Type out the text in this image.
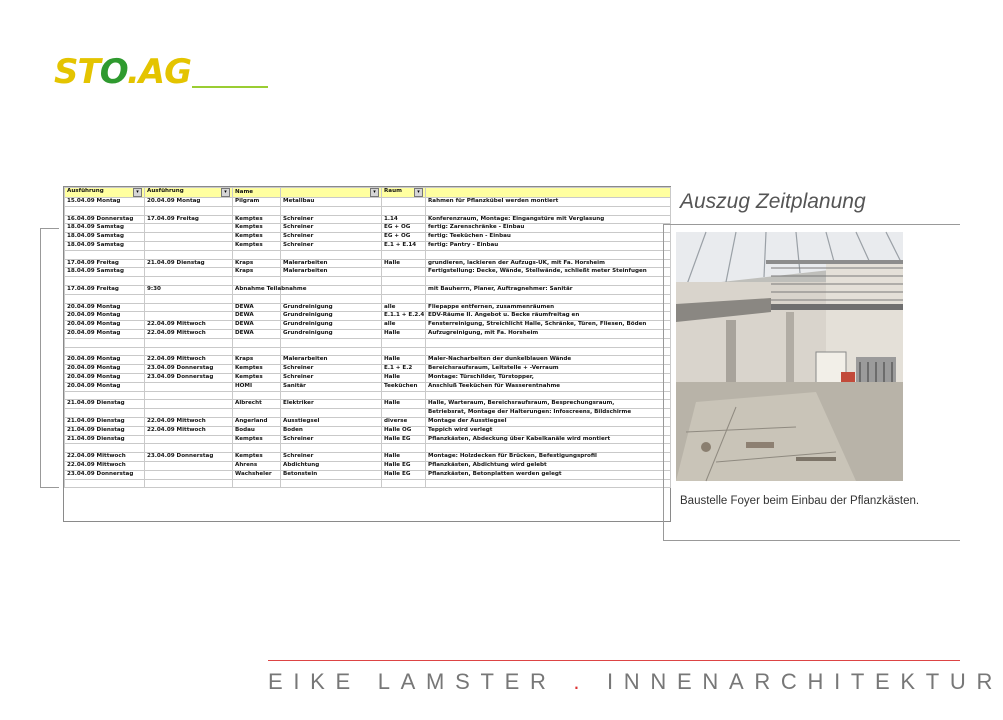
STO.AG
Ausführung ▾	Ausführung ▾	Name	▾	Raum ▾	

15.04.09 Montag	20.04.09 Montag	Pilgram	Metallbau		Rahmen für Pflanzkübel werden montiert

16.04.09 Donnerstag	17.04.09 Freitag	Kemptes	Schreiner	1.14	Konferenzraum, Montage: Eingangstüre mit Verglasung
18.04.09 Samstag		Kemptes	Schreiner	EG + OG	fertig: Zarenschränke - Einbau
18.04.09 Samstag		Kemptes	Schreiner	EG + OG	fertig: Teeküchen - Einbau
18.04.09 Samstag		Kemptes	Schreiner	E.1 + E.14	fertig: Pantry - Einbau

17.04.09 Freitag	21.04.09 Dienstag	Kraps	Malerarbeiten	Halle	grundieren, lackieren der Aufzugs-UK, mit Fa. Horsheim
18.04.09 Samstag		Kraps	Malerarbeiten		Fertigstellung: Decke, Wände, Stellwände, schließt meter Steinfugen

17.04.09 Freitag	9:30	Abnahme Teilabnahme			mit Bauherrn, Planer, Auftragnehmer: Sanitär

20.04.09 Montag		DEWA	Grundreinigung	alle	Fliepappe entfernen, zusammenräumen
20.04.09 Montag		DEWA	Grundreinigung	E.1.1 + E.2.4	EDV-Räume II. Angebot u. Becke räumfreitag en
20.04.09 Montag	22.04.09 Mittwoch	DEWA	Grundreinigung	alle	Fensterreinigung, Streichlicht Halle, Schränke, Türen, Fliesen, Böden
20.04.09 Montag	22.04.09 Mittwoch	DEWA	Grundreinigung	Halle	Aufzugreinigung, mit Fa. Horsheim

20.04.09 Montag	22.04.09 Mittwoch	Kraps	Malerarbeiten	Halle	Maler-Nacharbeiten der dunkelblauen Wände
20.04.09 Montag	23.04.09 Donnerstag	Kemptes	Schreiner	E.1 + E.2	Bereichsraufsraum, Leitstelle + -Verraum
20.04.09 Montag	23.04.09 Donnerstag	Kemptes	Schreiner	Halle	Montage: Türschilder, Türstopper,
20.04.09 Montag		HOMI	Sanitär	Teeküchen	Anschluß Teeküchen für Wasserentnahme

21.04.09 Dienstag		Albrecht	Elektriker	Halle	Halle, Warteraum, Bereichsraufsraum, Besprechungsraum,
					Betriebsrat, Montage der Halterungen: Infoscreens, Bildschirme
21.04.09 Dienstag	22.04.09 Mittwoch	Angerland	Ausstiegsel	diverse	Montage der Ausstiegsel
21.04.09 Dienstag	22.04.09 Mittwoch	Bodau	Boden	Halle OG	Teppich wird verlegt
21.04.09 Dienstag		Kemptes	Schreiner	Halle EG	Pflanzkästen, Abdeckung über Kabelkanäle wird montiert

22.04.09 Mittwoch	23.04.09 Donnerstag	Kemptes	Schreiner	Halle	Montage: Holzdecken für Brücken, Befestigungsprofil
22.04.09 Mittwoch		Ahrens	Abdichtung	Halle EG	Pflanzkästen, Abdichtung wird gelebt
23.04.09 Donnerstag		Wachsheler	Betonstein	Halle EG	Pflanzkästen, Betonplatten werden gelegt

Auszug Zeitplanung
Baustelle Foyer beim Einbau der Pflanzkästen.
EIKE LAMSTER . INNENARCHITEKTUR
